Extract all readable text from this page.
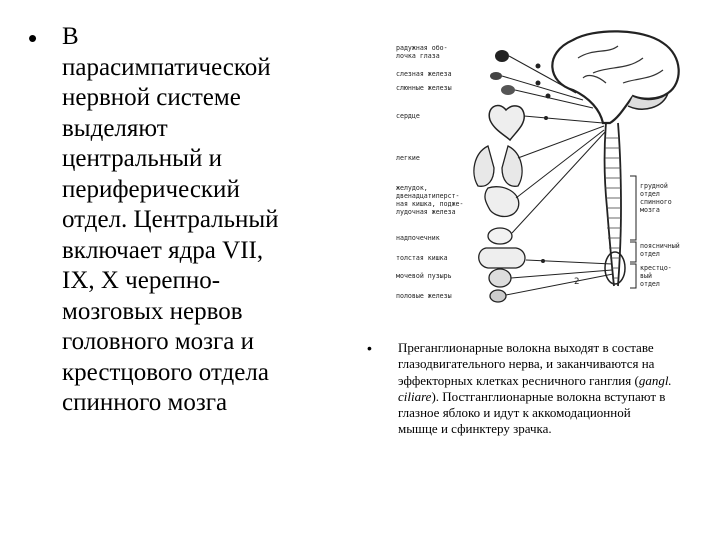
• В
парасимпатической
нервной системе
выделяют
центральный и
периферический
отдел. Центральный
включает ядра VII,
IX, X черепно-
мозговых нервов
головного мозга и
крестцового отдела
спинного мозга
радужная обо-лочка глаза
слезная железа
слюнные железы
сердце
легкие
желудок, двенадцатиперст-ная кишка, подже-лудочная железа
надпочечник
толстая кишка
мочевой пузырь
половые железы
грудной отдел спинного мозга
поясничный отдел
крестцо-вый отдел
2
• Преганглионарные волокна выходят в составе глазодвигательного нерва, и заканчиваются на эффекторных клетках ресничного ганглия (gangl. ciliare). Постганглионарные волокна вступают в глазное яблоко и идут к аккомодационной мышце и сфинктеру зрачка.
